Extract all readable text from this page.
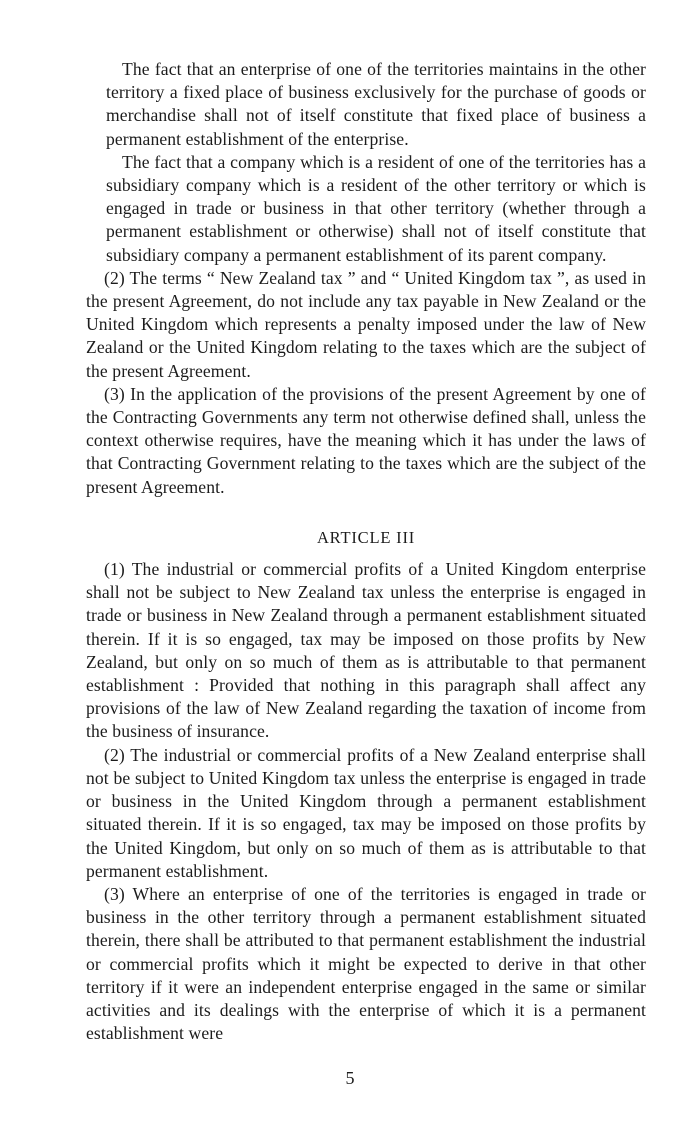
The fact that an enterprise of one of the territories maintains in the other territory a fixed place of business exclusively for the purchase of goods or merchandise shall not of itself constitute that fixed place of business a permanent establishment of the enterprise.

The fact that a company which is a resident of one of the territories has a subsidiary company which is a resident of the other territory or which is engaged in trade or business in that other territory (whether through a permanent establishment or otherwise) shall not of itself constitute that subsidiary company a permanent establishment of its parent company.

(2) The terms “ New Zealand tax ” and “ United Kingdom tax ”, as used in the present Agreement, do not include any tax payable in New Zealand or the United Kingdom which represents a penalty imposed under the law of New Zealand or the United Kingdom relating to the taxes which are the subject of the present Agreement.

(3) In the application of the provisions of the present Agreement by one of the Contracting Governments any term not otherwise defined shall, unless the context otherwise requires, have the meaning which it has under the laws of that Contracting Government relating to the taxes which are the subject of the present Agreement.

ARTICLE III

(1) The industrial or commercial profits of a United Kingdom enterprise shall not be subject to New Zealand tax unless the enterprise is engaged in trade or business in New Zealand through a permanent establishment situated therein. If it is so engaged, tax may be imposed on those profits by New Zealand, but only on so much of them as is attributable to that permanent establishment : Provided that nothing in this paragraph shall affect any provisions of the law of New Zealand regarding the taxation of income from the business of insurance.

(2) The industrial or commercial profits of a New Zealand enterprise shall not be subject to United Kingdom tax unless the enterprise is engaged in trade or business in the United Kingdom through a permanent establishment situated therein. If it is so engaged, tax may be imposed on those profits by the United Kingdom, but only on so much of them as is attributable to that permanent establishment.

(3) Where an enterprise of one of the territories is engaged in trade or business in the other territory through a permanent establishment situated therein, there shall be attributed to that permanent establishment the industrial or commercial profits which it might be expected to derive in that other territory if it were an independent enterprise engaged in the same or similar activities and its dealings with the enterprise of which it is a permanent establishment were

5
